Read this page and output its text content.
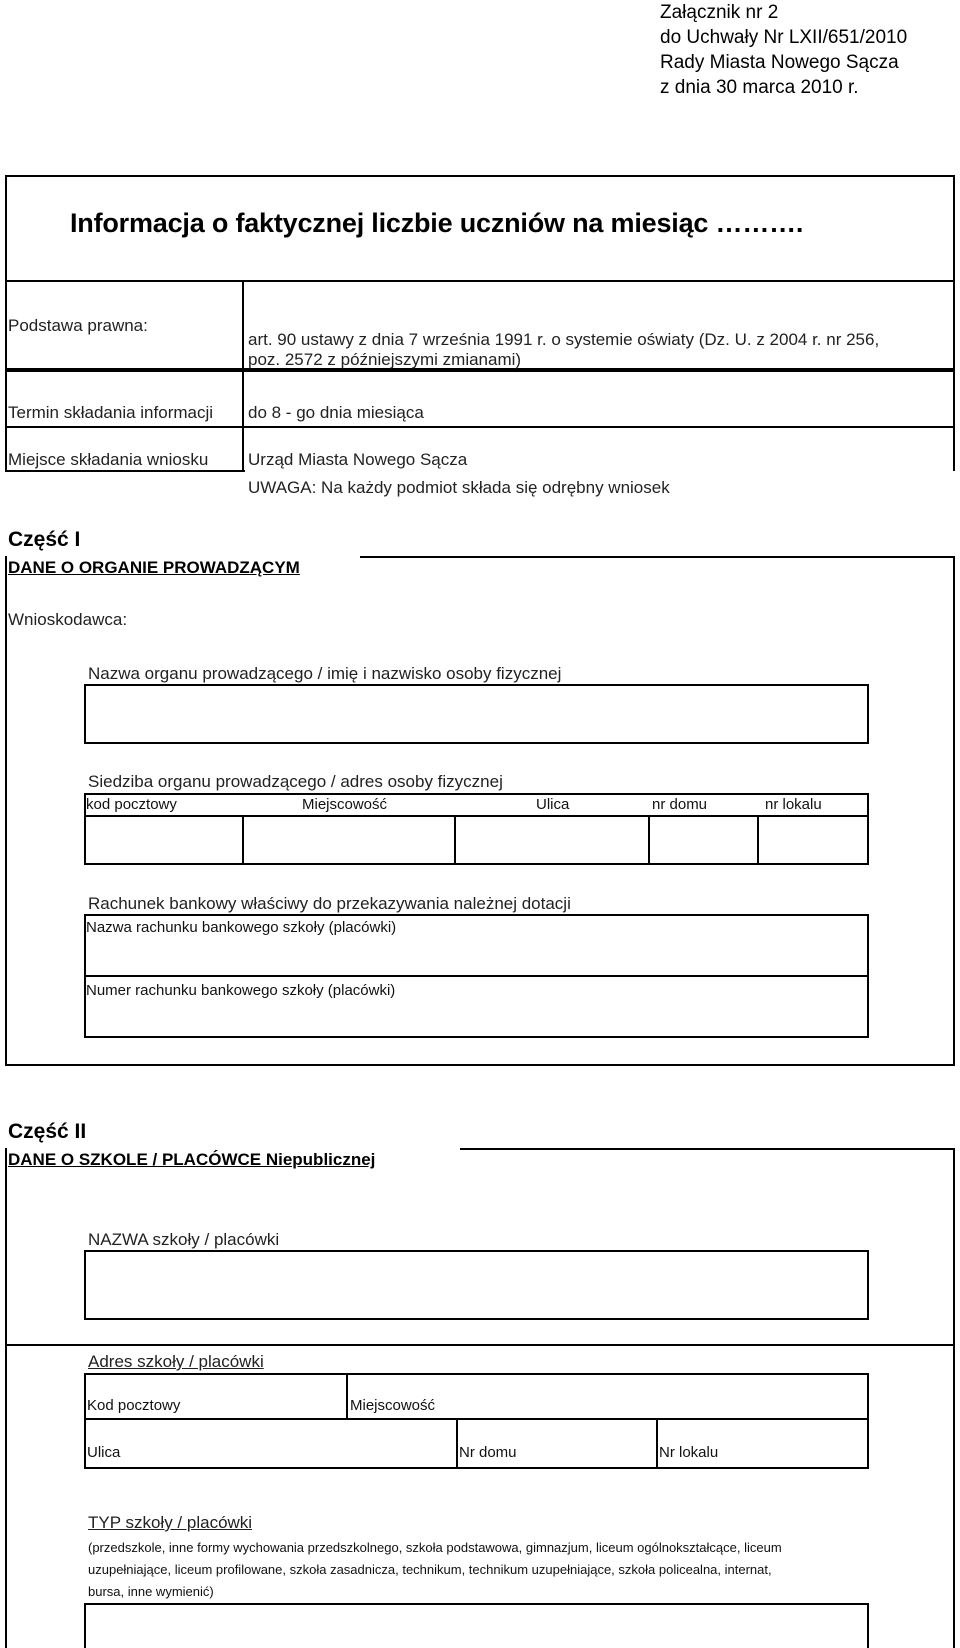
Załącznik nr 2
do Uchwały Nr LXII/651/2010
Rady Miasta Nowego Sącza
z dnia 30 marca 2010 r.
Informacja o faktycznej liczbie uczniów na miesiąc ……….
Podstawa prawna:
art. 90 ustawy z dnia 7 września 1991 r. o systemie oświaty (Dz. U. z 2004 r. nr 256,
poz. 2572 z późniejszymi zmianami)
Termin składania informacji do 8 - go dnia miesiąca
Miejsce składania wniosku Urząd Miasta Nowego Sącza
UWAGA: Na każdy podmiot składa się odrębny wniosek
Część I
DANE O ORGANIE PROWADZĄCYM
Wnioskodawca:
Nazwa organu prowadzącego / imię i nazwisko osoby fizycznej
Siedziba organu prowadzącego / adres osoby fizycznej
kod pocztowy	Miejscowość	Ulica	nr domu	nr lokalu
Rachunek bankowy właściwy do przekazywania należnej dotacji
Nazwa rachunku bankowego szkoły (placówki)
Numer rachunku bankowego szkoły (placówki)
Część II
DANE O SZKOLE / PLACÓWCE Niepublicznej
NAZWA szkoły / placówki
Adres szkoły / placówki
Kod pocztowy	Miejscowość
Ulica	Nr domu	Nr lokalu
TYP szkoły / placówki
(przedszkole, inne formy wychowania przedszkolnego, szkoła podstawowa, gimnazjum, liceum ogólnokształcące, liceum
uzupełniające, liceum profilowane, szkoła zasadnicza, technikum, technikum uzupełniające, szkoła policealna, internat,
bursa, inne wymienić)
